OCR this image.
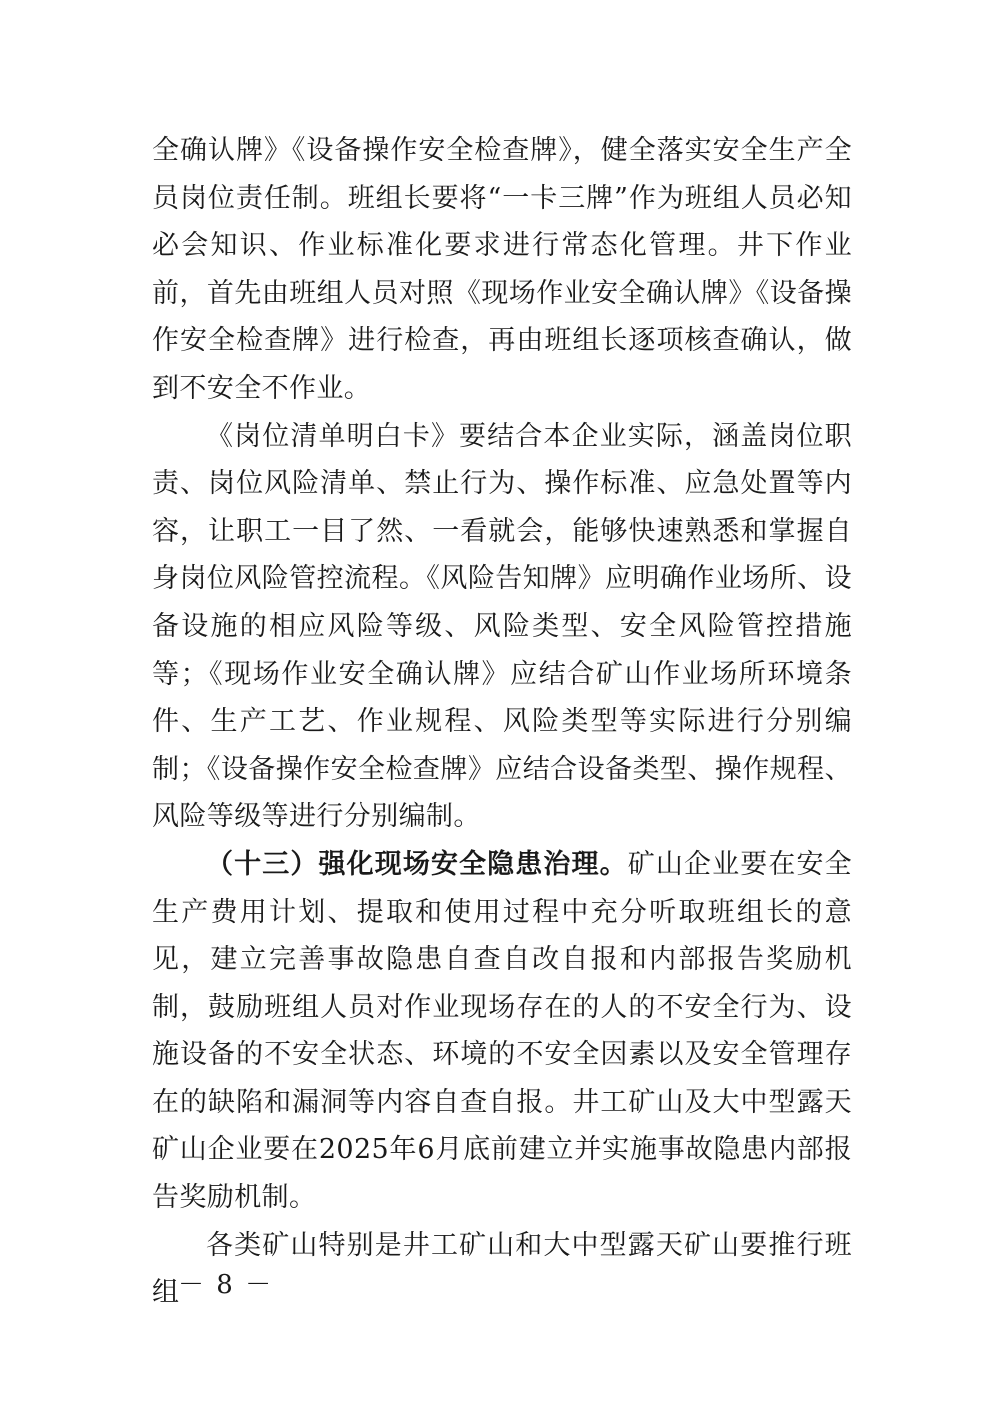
全确认牌》《设备操作安全检查牌》，健全落实安全生产全员岗位责任制。班组长要将“一卡三牌”作为班组人员必知必会知识、作业标准化要求进行常态化管理。井下作业前，首先由班组人员对照《现场作业安全确认牌》《设备操作安全检查牌》进行检查，再由班组长逐项核查确认，做到不安全不作业。

《岗位清单明白卡》要结合本企业实际，涵盖岗位职责、岗位风险清单、禁止行为、操作标准、应急处置等内容，让职工一目了然、一看就会，能够快速熟悉和掌握自身岗位风险管控流程。《风险告知牌》应明确作业场所、设备设施的相应风险等级、风险类型、安全风险管控措施等；《现场作业安全确认牌》应结合矿山作业场所环境条件、生产工艺、作业规程、风险类型等实际进行分别编制；《设备操作安全检查牌》应结合设备类型、操作规程、风险等级等进行分别编制。

（十三）强化现场安全隐患治理。矿山企业要在安全生产费用计划、提取和使用过程中充分听取班组长的意见，建立完善事故隐患自查自改自报和内部报告奖励机制，鼓励班组人员对作业现场存在的人的不安全行为、设施设备的不安全状态、环境的不安全因素以及安全管理存在的缺陷和漏洞等内容自查自报。井工矿山及大中型露天矿山企业要在2025年6月底前建立并实施事故隐患内部报告奖励机制。

各类矿山特别是井工矿山和大中型露天矿山要推行班组

－ 8 －
